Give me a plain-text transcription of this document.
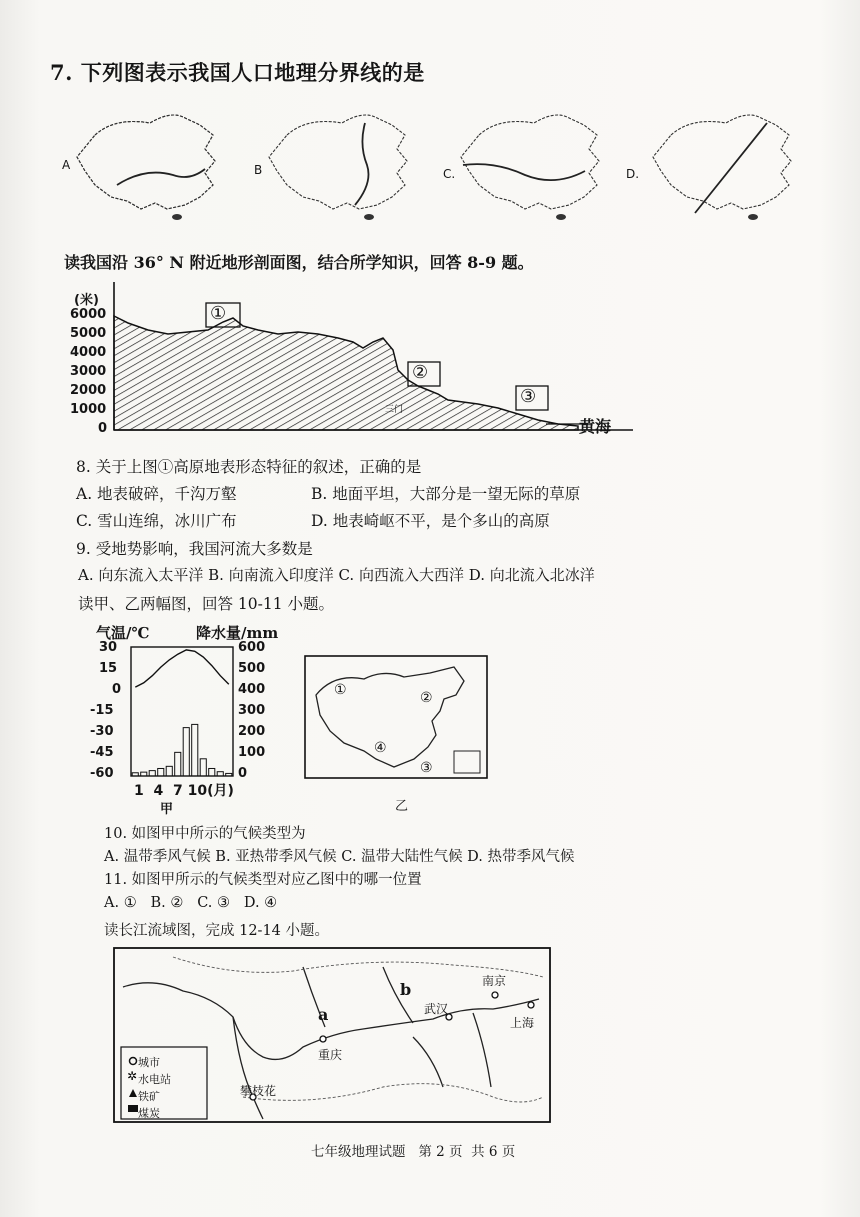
7. 下列图表示我国人口地理分界线的是
A	B	C.	D.
读我国沿 36° N 附近地形剖面图，结合所学知识，回答 8-9 题。
(米)
6000
5000
4000
3000
2000
1000
0
①
②
③
三门
黄海
8. 关于上图①高原地表形态特征的叙述，正确的是
A. 地表破碎，千沟万壑	B. 地面平坦，大部分是一望无际的草原
C. 雪山连绵，冰川广布	D. 地表崎岖不平，是个多山的高原
9. 受地势影响，我国河流大多数是
A. 向东流入太平洋 B. 向南流入印度洋 C. 向西流入大西洋 D. 向北流入北冰洋
读甲、乙两幅图，回答 10-11 小题。
气温/℃	降水量/mm
30
15
0
-15
-30
-45
-60
600
500
400
300
200
100
0
1  4  7 10(月)
甲
①	②
④
③
乙
10. 如图甲中所示的气候类型为
A. 温带季风气候 B. 亚热带季风气候 C. 温带大陆性气候 D. 热带季风气候
11. 如图甲所示的气候类型对应乙图中的哪一位置
A. ①   B. ②   C. ③   D. ④
读长江流域图，完成 12-14 小题。
✲
城市
水电站
铁矿
煤炭
南京
武汉
上海
重庆
攀枝花
a
b
七年级地理试题   第 2 页  共 6 页
